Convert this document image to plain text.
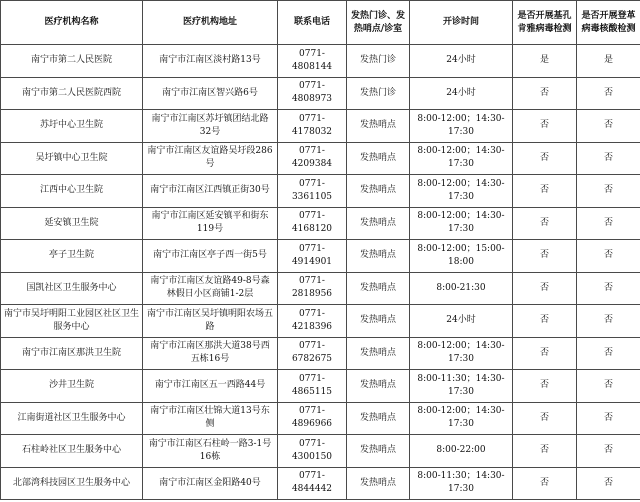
医疗机构名称	医疗机构地址	联系电话	发热门诊、发热哨点/诊室	开诊时间	是否开展基孔肯雅病毒检测	是否开展登革病毒核酸检测
南宁市第二人民医院	南宁市江南区淡村路13号	0771-4808144	发热门诊	24小时	是	是
南宁市第二人民医院西院	南宁市江南区智兴路6号	0771-4808973	发热门诊	24小时	否	否
苏圩中心卫生院	南宁市江南区苏圩镇团结北路32号	0771-4178032	发热哨点	8:00-12:00；14:30-17:30	否	否
吴圩镇中心卫生院	南宁市江南区友谊路吴圩段286号	0771-4209384	发热哨点	8:00-12:00；14:30-17:30	否	否
江西中心卫生院	南宁市江南区江西镇正街30号	0771-3361105	发热哨点	8:00-12:00；14:30-17:30	否	否
延安镇卫生院	南宁市江南区延安镇平和街东119号	0771-4168120	发热哨点	8:00-12:00；14:30-17:30	否	否
亭子卫生院	南宁市江南区亭子西一街5号	0771-4914901	发热哨点	8:00-12:00；15:00-18:00	否	否
国凯社区卫生服务中心	南宁市江南区友谊路49-8号森林假日小区商铺1-2层	0771-2818956	发热哨点	8:00-21:30	否	否
南宁市吴圩明阳工业园区社区卫生服务中心	南宁市江南区吴圩镇明阳农场五路	0771-4218396	发热哨点	24小时	否	否
南宁市江南区那洪卫生院	南宁市江南区那洪大道38号西五栋16号	0771-6782675	发热哨点	8:00-12:00；14:30-17:30	否	否
沙井卫生院	南宁市江南区五一西路44号	0771-4865115	发热哨点	8:00-11:30；14:30-17:30	否	否
江南街道社区卫生服务中心	南宁市江南区壮锦大道13号东侧	0771-4896966	发热哨点	8:00-12:00；14:30-17:30	否	否
石柱岭社区卫生服务中心	南宁市江南区石柱岭一路3-1号16栋	0771-4300150	发热哨点	8:00-22:00	否	否
北部湾科技园区卫生服务中心	南宁市江南区金阳路40号	0771-4844442	发热哨点	8:00-11:30；14:30-17:30	否	否
